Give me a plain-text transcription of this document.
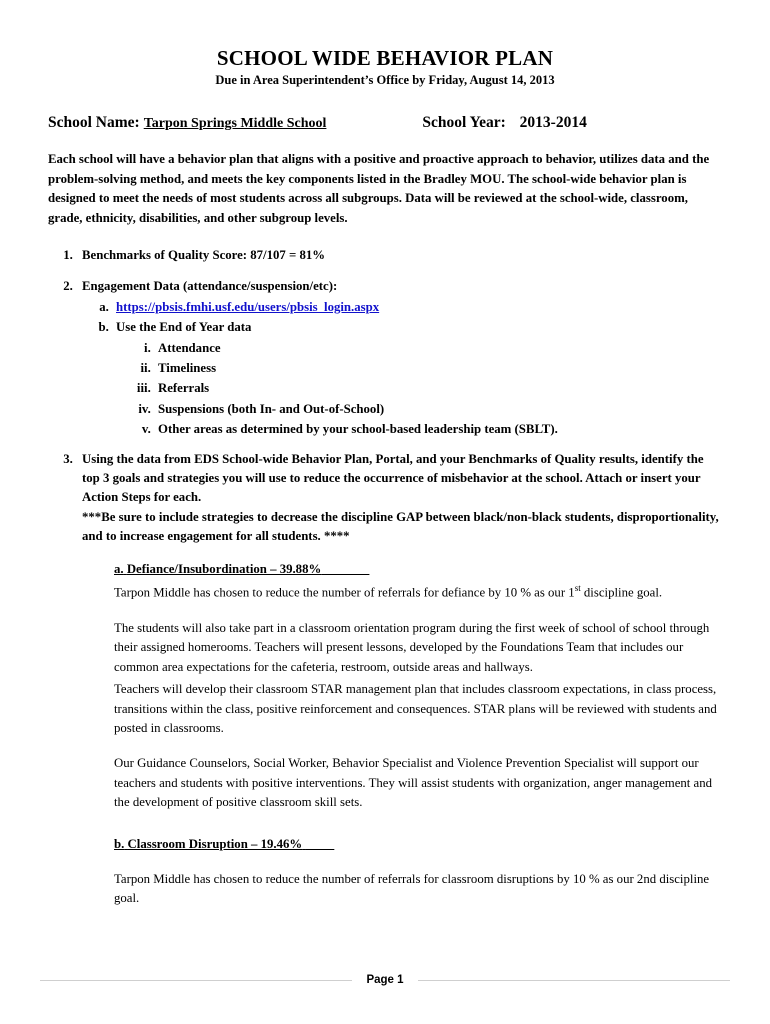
SCHOOL WIDE BEHAVIOR PLAN
Due in Area Superintendent’s Office by Friday, August 14, 2013
School Name: Tarpon Springs Middle School	School Year: 2013-2014
Each school will have a behavior plan that aligns with a positive and proactive approach to behavior, utilizes data and the problem-solving method, and meets the key components listed in the Bradley MOU. The school-wide behavior plan is designed to meet the needs of most students across all subgroups. Data will be reviewed at the school-wide, classroom, grade, ethnicity, disabilities, and other subgroup levels.
1. Benchmarks of Quality Score: 87/107 = 81%
2. Engagement Data (attendance/suspension/etc):
a. https://pbsis.fmhi.usf.edu/users/pbsis_login.aspx
b. Use the End of Year data
i. Attendance
ii. Timeliness
iii. Referrals
iv. Suspensions (both In- and Out-of-School)
v. Other areas as determined by your school-based leadership team (SBLT).
3. Using the data from EDS School-wide Behavior Plan, Portal, and your Benchmarks of Quality results, identify the top 3 goals and strategies you will use to reduce the occurrence of misbehavior at the school. Attach or insert your Action Steps for each.
***Be sure to include strategies to decrease the discipline GAP between black/non-black students, disproportionality, and to increase engagement for all students. ****
a. Defiance/Insubordination – 39.88%

Tarpon Middle has chosen to reduce the number of referrals for defiance by 10 % as our 1st discipline goal.

The students will also take part in a classroom orientation program during the first week of school of school through their assigned homerooms. Teachers will present lessons, developed by the Foundations Team that includes our common area expectations for the cafeteria, restroom, outside areas and hallways.

Teachers will develop their classroom STAR management plan that includes classroom expectations, in class process, transitions within the class, positive reinforcement and consequences. STAR plans will be reviewed with students and posted in classrooms.

Our Guidance Counselors, Social Worker, Behavior Specialist and Violence Prevention Specialist will support our teachers and students with positive interventions. They will assist students with organization, anger management and the development of positive classroom skill sets.

b. Classroom Disruption – 19.46%

Tarpon Middle has chosen to reduce the number of referrals for classroom disruptions by 10 % as our 2nd discipline goal.

Page 1
